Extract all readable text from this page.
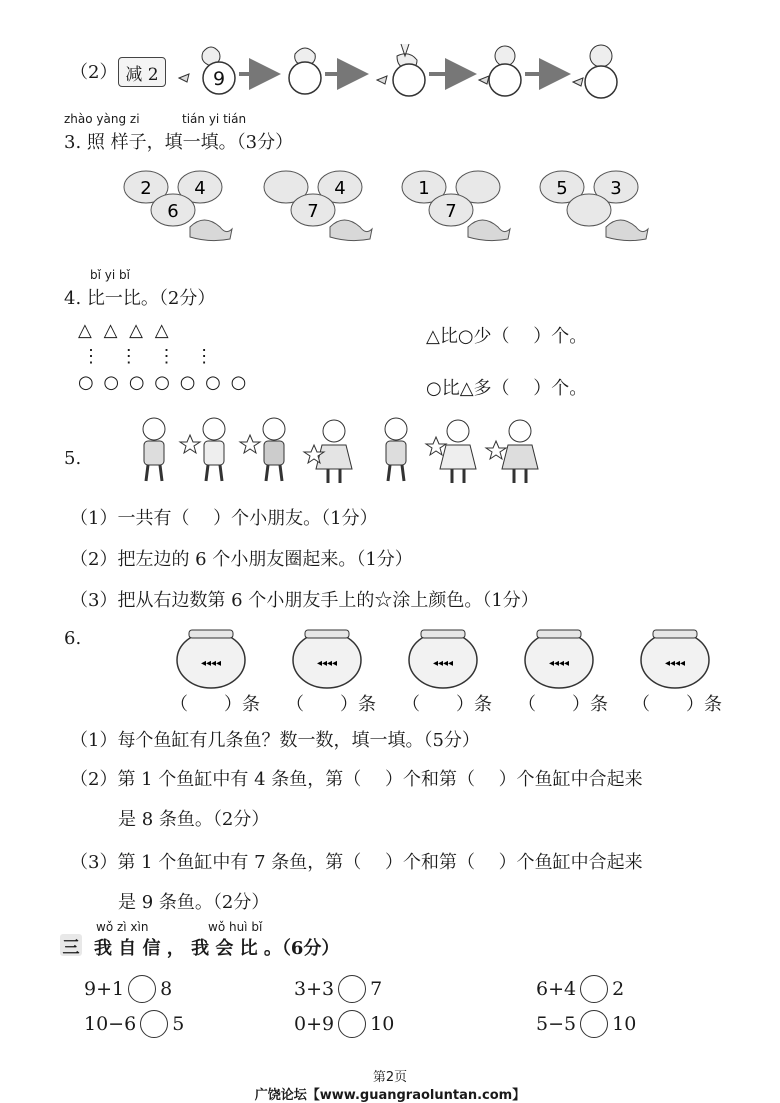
（2） 减 2	9
zhào yàng zi	tián yi tián
3. 照 样子，填一填。（3分）
2 4
6
4
7
1
7
5 3
bǐ yi bǐ
4. 比一比。（2分）
△ △ △ △
⋮ ⋮ ⋮ ⋮
○ ○ ○ ○ ○ ○ ○
△比○少（　 ）个。
○比△多（　 ）个。
5.
（1）一共有（　 ）个小朋友。（1分）
（2）把左边的 6 个小朋友圈起来。（1分）
（3）把从右边数第 6 个小朋友手上的☆涂上颜色。（1分）
6.
◂◂◂◂	◂◂◂◂	◂◂◂◂	◂◂◂◂	◂◂◂◂
（　　）条 （　　）条 （　　）条 （　　）条 （　　）条
（1）每个鱼缸有几条鱼？数一数，填一填。（5分）
（2）第 1 个鱼缸中有 4 条鱼，第（　 ）个和第（　 ）个鱼缸中合起来
是 8 条鱼。（2分）
（3）第 1 个鱼缸中有 7 条鱼，第（　 ）个和第（　 ）个鱼缸中合起来
是 9 条鱼。（2分）
三
wǒ zì xìn	wǒ huì bǐ
我 自 信 ， 我 会 比 。（6分）
9+1 8	3+3 7	6+4 2
10−6 5	0+9 10	5−5 10
第2页
广饶论坛【www.guangraoluntan.com】
